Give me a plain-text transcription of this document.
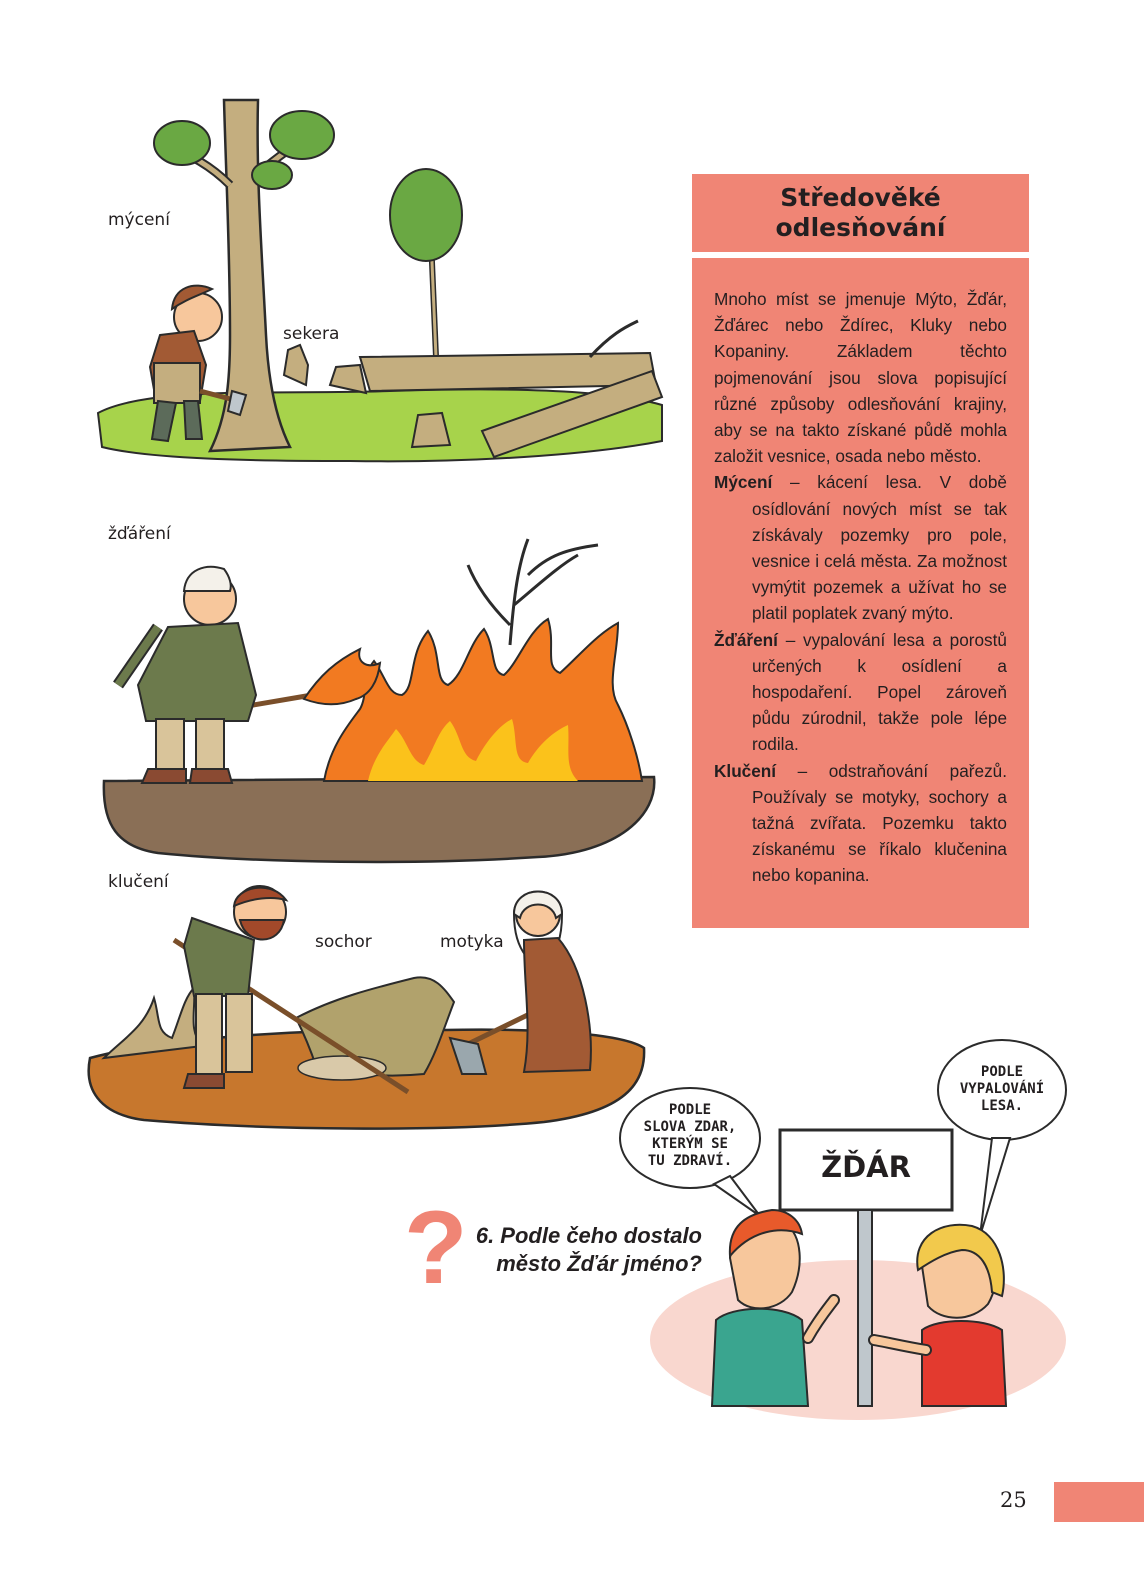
mýcení
sekera
žďáření
klučení
sochor	motyka
Středověké
odlesňování

Mnoho míst se jmenuje Mýto, Žďár, Žďárec nebo Ždírec, Kluky nebo Kopaniny. Základem těchto pojmenování jsou slova popisující různé způsoby odlesňování krajiny, aby se na takto získané půdě mohla založit vesnice, osada nebo město.

Mýcení – kácení lesa. V době osídlování nových míst se tak získávaly pozemky pro pole, vesnice i celá města. Za možnost vymýtit pozemek a užívat ho se platil poplatek zvaný mýto.

Žďáření – vypalování lesa a porostů určených k osídlení a hospodaření. Popel zároveň půdu zúrodnil, takže pole lépe rodila.

Klučení – odstraňování pařezů. Používaly se motyky, sochory a tažná zvířata. Pozemku takto získanému se říkalo klučenina nebo kopanina.

? 6. Podle čeho dostalo
město Žďár jméno?
PODLE
SLOVA ZDAR,
KTERÝM SE
TU ZDRAVÍ.
PODLE
VYPALOVÁNÍ
LESA.
ŽĎÁR
25
